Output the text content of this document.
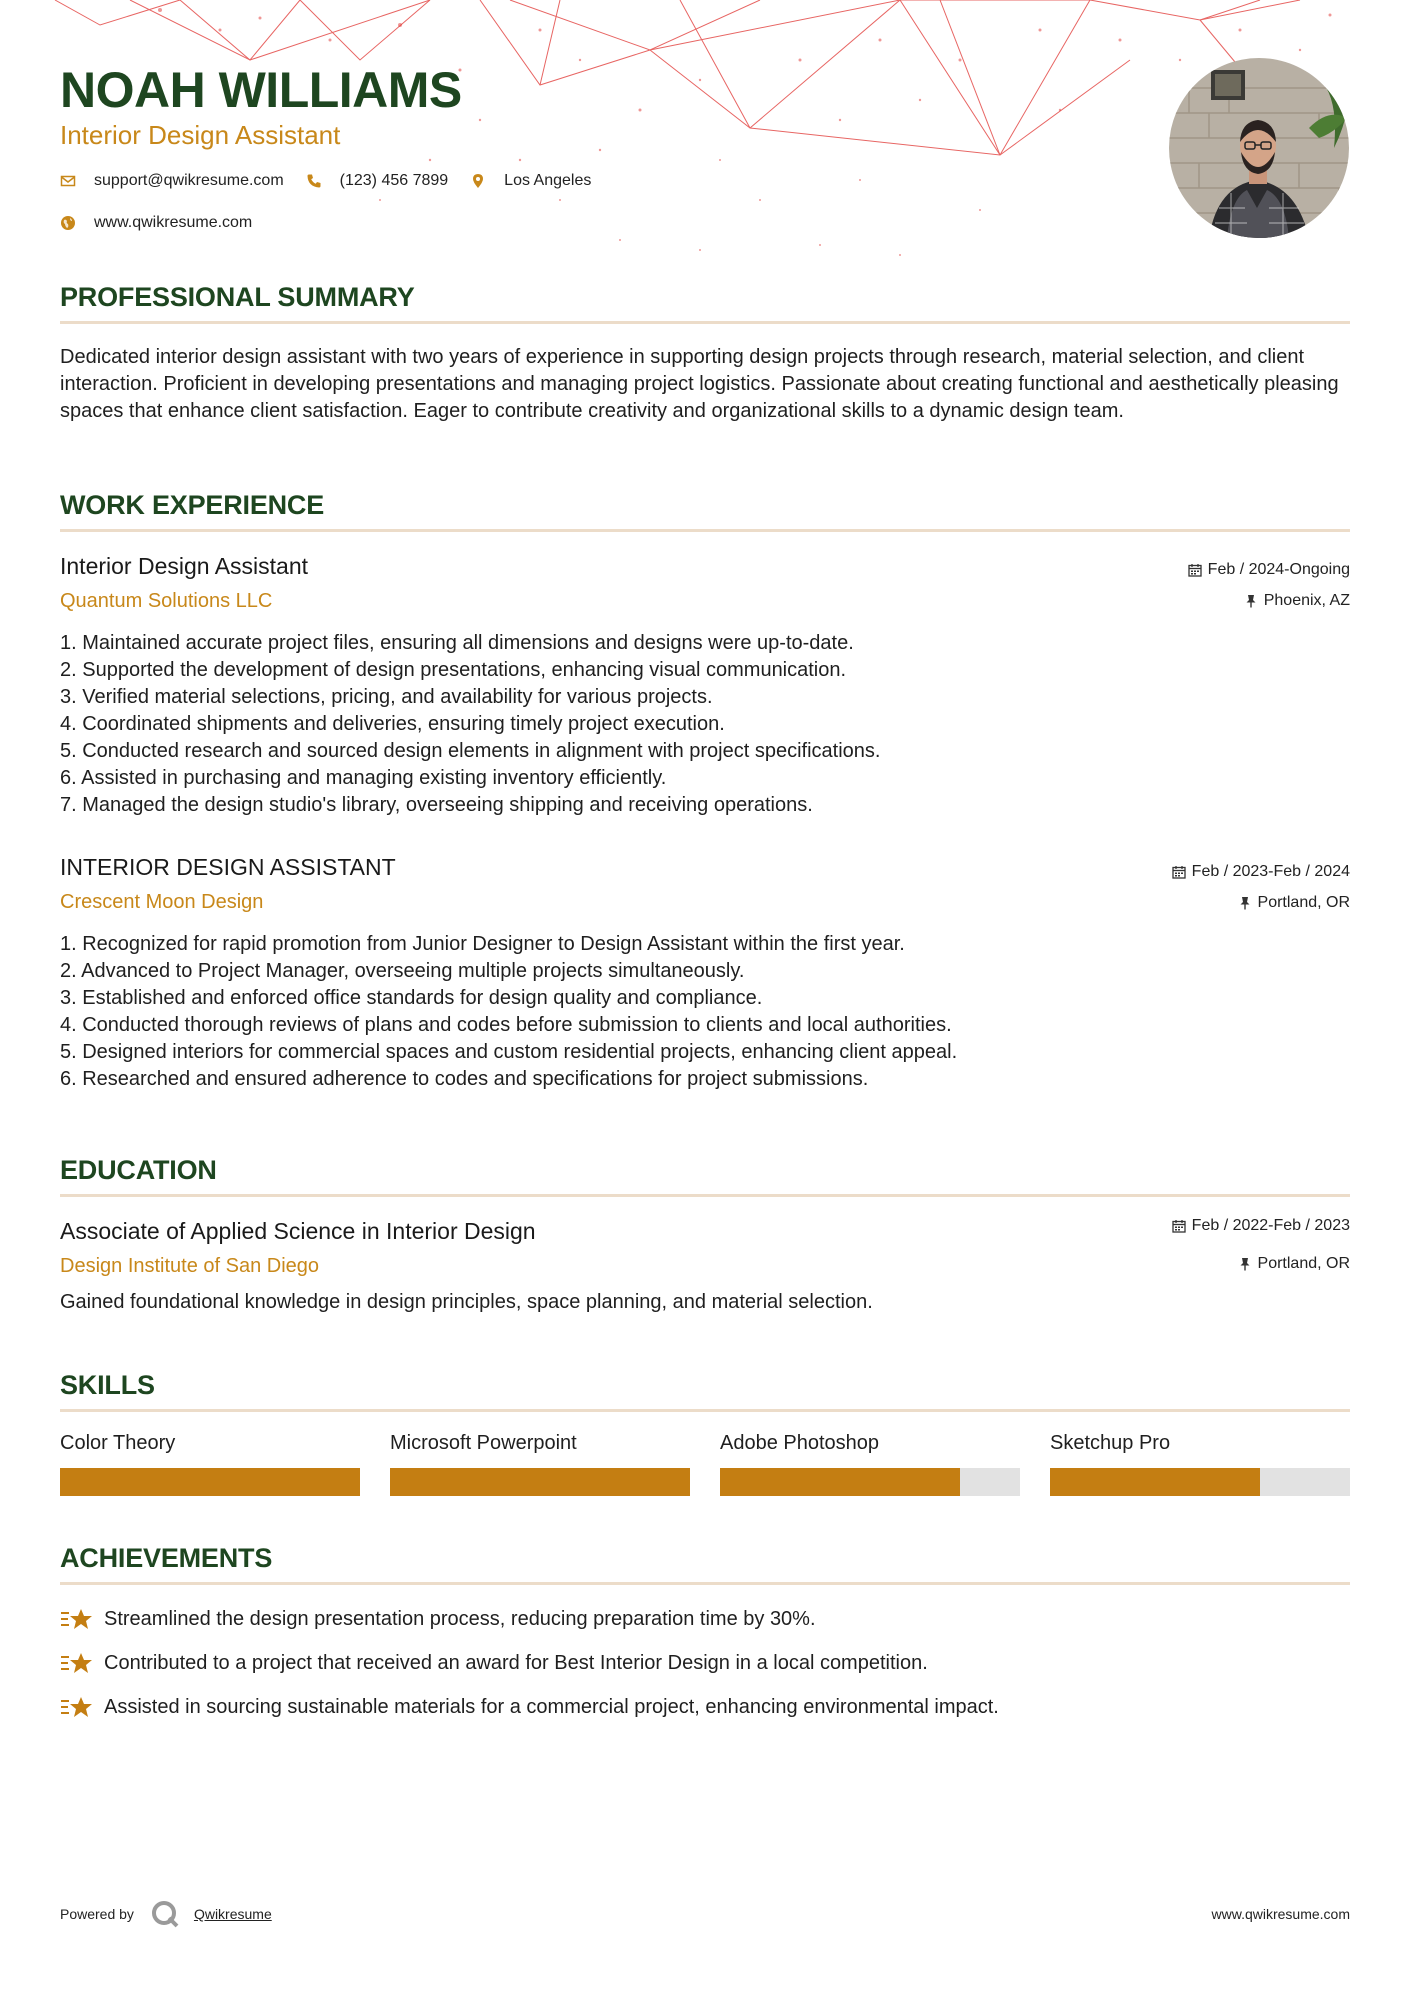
NOAH WILLIAMS
Interior Design Assistant
support@qwikresume.com	(123) 456 7899	Los Angeles
www.qwikresume.com
PROFESSIONAL SUMMARY

Dedicated interior design assistant with two years of experience in supporting design projects through research, material selection, and client interaction. Proficient in developing presentations and managing project logistics. Passionate about creating functional and aesthetically pleasing spaces that enhance client satisfaction. Eager to contribute creativity and organizational skills to a dynamic design team.

WORK EXPERIENCE
Interior Design Assistant
Quantum Solutions LLC
Feb / 2024-Ongoing
Phoenix, AZ
1. Maintained accurate project files, ensuring all dimensions and designs were up-to-date.
2. Supported the development of design presentations, enhancing visual communication.
3. Verified material selections, pricing, and availability for various projects.
4. Coordinated shipments and deliveries, ensuring timely project execution.
5. Conducted research and sourced design elements in alignment with project specifications.
6. Assisted in purchasing and managing existing inventory efficiently.
7. Managed the design studio's library, overseeing shipping and receiving operations.
INTERIOR DESIGN ASSISTANT
Crescent Moon Design
Feb / 2023-Feb / 2024
Portland, OR
1. Recognized for rapid promotion from Junior Designer to Design Assistant within the first year.
2. Advanced to Project Manager, overseeing multiple projects simultaneously.
3. Established and enforced office standards for design quality and compliance.
4. Conducted thorough reviews of plans and codes before submission to clients and local authorities.
5. Designed interiors for commercial spaces and custom residential projects, enhancing client appeal.
6. Researched and ensured adherence to codes and specifications for project submissions.
EDUCATION
Associate of Applied Science in Interior Design
Design Institute of San Diego
Feb / 2022-Feb / 2023
Portland, OR

Gained foundational knowledge in design principles, space planning, and material selection.

SKILLS
Color Theory	Microsoft Powerpoint	Adobe Photoshop	Sketchup Pro
ACHIEVEMENTS
Streamlined the design presentation process, reducing preparation time by 30%.
Contributed to a project that received an award for Best Interior Design in a local competition.
Assisted in sourcing sustainable materials for a commercial project, enhancing environmental impact.
Powered by	Qwikresume	www.qwikresume.com
